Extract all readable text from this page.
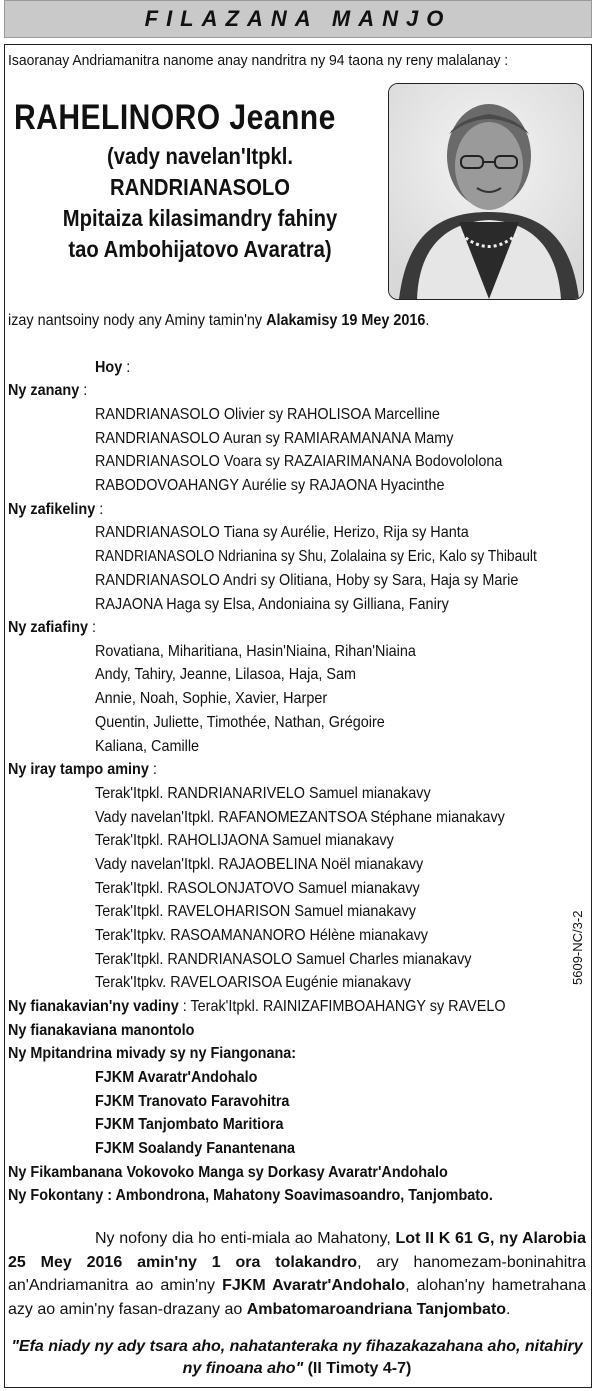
FILAZANA MANJO
Isaoranay Andriamanitra nanome anay nandritra ny 94 taona ny reny malalanay :
RAHELINORO Jeanne
(vady navelan'Itpkl.
RANDRIANASOLO
Mpitaiza kilasimandry fahiny
tao Ambohijatovo Avaratra)
izay nantsoiny nody any Aminy tamin'ny Alakamisy 19 Mey 2016.
Hoy :
Ny zanany :
RANDRIANASOLO Olivier sy RAHOLISOA Marcelline
RANDRIANASOLO Auran sy RAMIARAMANANA Mamy
RANDRIANASOLO Voara sy RAZAIARIMANANA Bodovololona
RABODOVOAHANGY Aurélie sy RAJAONA Hyacinthe
Ny zafikeliny :
RANDRIANASOLO Tiana sy Aurélie, Herizo, Rija sy Hanta
RANDRIANASOLO Ndrianina sy Shu, Zolalaina sy Eric, Kalo sy Thibault
RANDRIANASOLO Andri sy Olitiana, Hoby sy Sara, Haja sy Marie
RAJAONA Haga sy Elsa, Andoniaina sy Gilliana, Faniry
Ny zafiafiny :
Rovatiana, Miharitiana, Hasin'Niaina, Rihan'Niaina
Andy, Tahiry, Jeanne, Lilasoa, Haja, Sam
Annie, Noah, Sophie, Xavier, Harper
Quentin, Juliette, Timothée, Nathan, Grégoire
Kaliana, Camille
Ny iray tampo aminy :
Terak'Itpkl. RANDRIANARIVELO Samuel mianakavy
Vady navelan'Itpkl. RAFANOMEZANTSOA Stéphane mianakavy
Terak'Itpkl. RAHOLIJAONA Samuel mianakavy
Vady navelan'Itpkl. RAJAOBELINA Noël mianakavy
Terak'Itpkl. RASOLONJATOVO Samuel mianakavy
Terak'Itpkl. RAVELOHARISON Samuel mianakavy
Terak'Itpkv. RASOAMANANORO Hélène mianakavy
Terak'Itpkl. RANDRIANASOLO Samuel Charles mianakavy
Terak'Itpkv. RAVELOARISOA Eugénie mianakavy	5609-NC/3-2
Ny fianakavian'ny vadiny : Terak'Itpkl. RAINIZAFIMBOAHANGY sy RAVELO
Ny fianakaviana manontolo
Ny Mpitandrina mivady sy ny Fiangonana:
FJKM Avaratr'Andohalo
FJKM Tranovato Faravohitra
FJKM Tanjombato Maritiora
FJKM Soalandy Fanantenana
Ny Fikambanana Vokovoko Manga sy Dorkasy Avaratr'Andohalo
Ny Fokontany : Ambondrona, Mahatony Soavimasoandro, Tanjombato.
Ny nofony dia ho enti-miala ao Mahatony, Lot II K 61 G, ny Alarobia 25 Mey 2016 amin'ny 1 ora tolakandro, ary hanomezam-boninahitra an'Andriamanitra ao amin'ny FJKM Avaratr'Andohalo, alohan'ny hametrahana azy ao amin'ny fasan-drazany ao Ambatomaroandriana Tanjombato.
"Efa niady ny ady tsara aho, nahatanteraka ny fihazakazahana aho, nitahiry ny finoana aho" (II Timoty 4-7)
